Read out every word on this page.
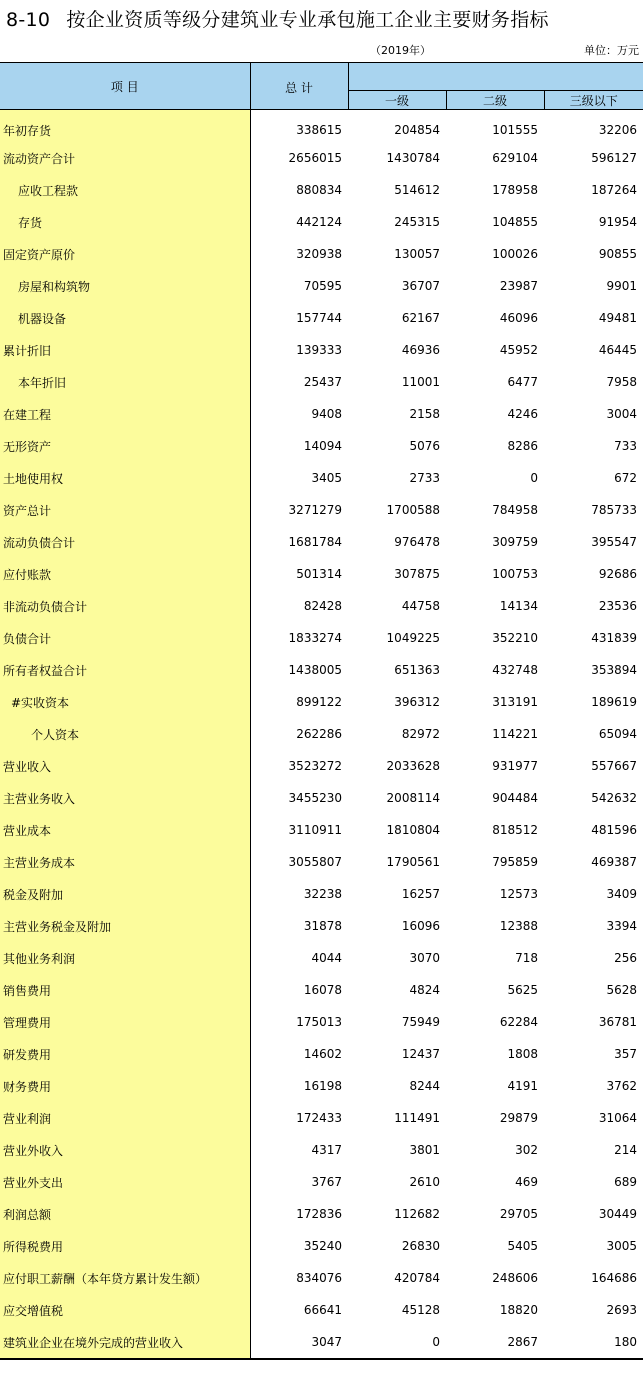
8-10 按企业资质等级分建筑业专业承包施工企业主要财务指标
（2019年）	单位：万元
项 目	总 计			
		一级	二级	三级以下
年初存货	338615	204854	101555	32206
流动资产合计	2656015	1430784	629104	596127
应收工程款	880834	514612	178958	187264
存货	442124	245315	104855	91954
固定资产原价	320938	130057	100026	90855
房屋和构筑物	70595	36707	23987	9901
机器设备	157744	62167	46096	49481
累计折旧	139333	46936	45952	46445
本年折旧	25437	11001	6477	7958
在建工程	9408	2158	4246	3004
无形资产	14094	5076	8286	733
土地使用权	3405	2733	0	672
资产总计	3271279	1700588	784958	785733
流动负债合计	1681784	976478	309759	395547
应付账款	501314	307875	100753	92686
非流动负债合计	82428	44758	14134	23536
负债合计	1833274	1049225	352210	431839
所有者权益合计	1438005	651363	432748	353894
#实收资本	899122	396312	313191	189619
个人资本	262286	82972	114221	65094
营业收入	3523272	2033628	931977	557667
主营业务收入	3455230	2008114	904484	542632
营业成本	3110911	1810804	818512	481596
主营业务成本	3055807	1790561	795859	469387
税金及附加	32238	16257	12573	3409
主营业务税金及附加	31878	16096	12388	3394
其他业务利润	4044	3070	718	256
销售费用	16078	4824	5625	5628
管理费用	175013	75949	62284	36781
研发费用	14602	12437	1808	357
财务费用	16198	8244	4191	3762
营业利润	172433	111491	29879	31064
营业外收入	4317	3801	302	214
营业外支出	3767	2610	469	689
利润总额	172836	112682	29705	30449
所得税费用	35240	26830	5405	3005
应付职工薪酬（本年贷方累计发生额）	834076	420784	248606	164686
应交增值税	66641	45128	18820	2693
建筑业企业在境外完成的营业收入	3047	0	2867	180
